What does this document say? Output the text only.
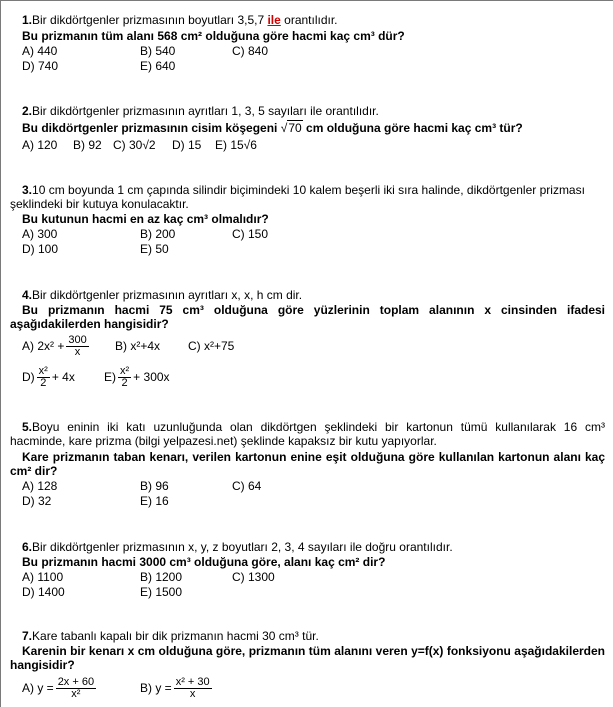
1.Bir dikdörtgenler prizmasının boyutları 3,5,7 ile orantılıdır.
Bu prizmanın tüm alanı 568 cm² olduğuna göre hacmi kaç cm³ dür?
A) 440	B) 540	C) 840
D) 740	E) 640
2.Bir dikdörtgenler prizmasının ayrıtları 1, 3, 5 sayıları ile orantılıdır.
Bu dikdörtgenler prizmasının cisim köşegeni √70 cm olduğuna göre hacmi kaç cm³ tür?
A) 120 B) 92 C) 30√2 D) 15 E) 15√6
3.10 cm boyunda 1 cm çapında silindir biçimindeki 10 kalem beşerli iki sıra halinde, dikdörtgenler prizması
şeklindeki bir kutuya konulacaktır.
Bu kutunun hacmi en az kaç cm³ olmalıdır?
A) 300	B) 200	C) 150
D) 100	E) 50
4.Bir dikdörtgenler prizmasının ayrıtları x, x, h cm dir.
Bu prizmanın hacmi 75 cm³ olduğuna göre yüzlerinin toplam alanının x cinsinden ifadesi
aşağıdakilerden hangisidir?
A) $2x^2 + \frac{300}{x} B$) x²+4x C) x²+75
$D) \frac{\text{x²}}{2} + 4x$ $E) \frac{\text{x²}}{2} + 300x$
5.Boyu eninin iki katı uzunluğunda olan dikdörtgen şeklindeki bir kartonun tümü kullanılarak 16 cm³
hacminde, kare prizma (bilgi yelpazesi.net) şeklinde kapaksız bir kutu yapıyorlar.
Kare prizmanın taban kenarı, verilen kartonun enine eşit olduğuna göre kullanılan kartonun alanı kaç
cm² dir?
A) 128	B) 96	C) 64
D) 32	E) 16
6.Bir dikdörtgenler prizmasının x, y, z boyutları 2, 3, 4 sayıları ile doğru orantılıdır.
Bu prizmanın hacmi 3000 cm³ olduğuna göre, alanı kaç cm² dir?
A) 1100	B) 1200	C) 1300
D) 1400	E) 1500
7.Kare tabanlı kapalı bir dik prizmanın hacmi 30 cm³ tür.
Karenin bir kenarı x cm olduğuna göre, prizmanın tüm alanını veren y=f(x) fonksiyonu aşağıdakilerden
hangisidir?
A) $y = \frac{2x + 60}{\text{x²}}$	B) $y = \frac{\text{x² + 30}}{x}$
